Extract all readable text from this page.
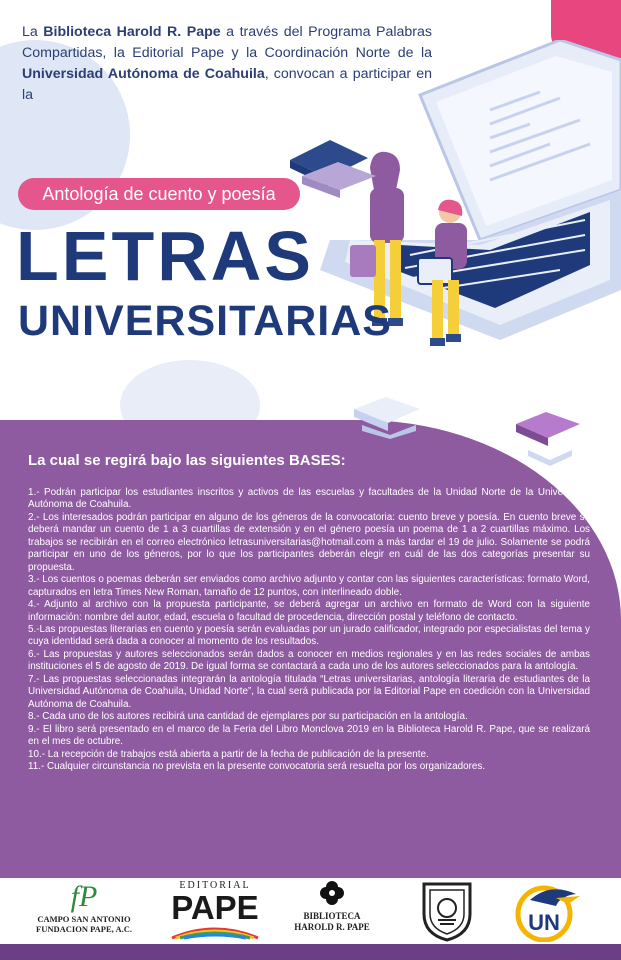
La Biblioteca Harold R. Pape a través del Programa Palabras Compartidas, la Editorial Pape y la Coordinación Norte de la Universidad Autónoma de Coahuila, convocan a participar en la
Antología de cuento y poesía
LETRAS
UNIVERSITARIAS
La cual se regirá bajo las siguientes BASES:

1.- Podrán participar los estudiantes inscritos y activos de las escuelas y facultades de la Unidad Norte de la Universidad Autónoma de Coahuila.

2.- Los interesados podrán participar en alguno de los géneros de la convocatoria: cuento breve y poesía. En cuento breve se deberá mandar un cuento de 1 a 3 cuartillas de extensión y en el género poesía un poema de 1 a 2 cuartillas máximo. Los trabajos se recibirán en el correo electrónico letrasuniversitarias@hotmail.com a más tardar el 19 de julio. Solamente se podrá participar en uno de los géneros, por lo que los participantes deberán elegir en cuál de las dos categorías presentar su propuesta.

3.- Los cuentos o poemas deberán ser enviados como archivo adjunto y contar con las siguientes características: formato Word, capturados en letra Times New Roman, tamaño de 12 puntos, con interlineado doble.

4.- Adjunto al archivo con la propuesta participante, se deberá agregar un archivo en formato de Word con la siguiente información: nombre del autor, edad, escuela o facultad de procedencia, dirección postal y teléfono de contacto.

5.-Las propuestas literarias en cuento y poesía serán evaluadas por un jurado calificador, integrado por especialistas del tema y cuya identidad será dada a conocer al momento de los resultados.

6.- Las propuestas y autores seleccionados serán dados a conocer en medios regionales y en las redes sociales de ambas instituciones el 5 de agosto de 2019. De igual forma se contactará a cada uno de los autores seleccionados para la antología.

7.- Las propuestas seleccionadas integrarán la antología titulada “Letras universitarias, antología literaria de estudiantes de la Universidad Autónoma de Coahuila, Unidad Norte”, la cual será publicada por la Editorial Pape en coedición con la Universidad Autónoma de Coahuila.

8.- Cada uno de los autores recibirá una cantidad de ejemplares por su participación en la antología.

9.- El libro será presentado en el marco de la Feria del Libro Monclova 2019 en la Biblioteca Harold R. Pape, que se realizará en el mes de octubre.

10.- La recepción de trabajos está abierta a partir de la fecha de publicación de la presente.

11.- Cualquier circunstancia no prevista en la presente convocatoria será resuelta por los organizadores.

fP
CAMPO SAN ANTONIO
FUNDACION PAPE, A.C.
EDITORIAL
PAPE	BIBLIOTECA
HAROLD R. PAPE	UN
